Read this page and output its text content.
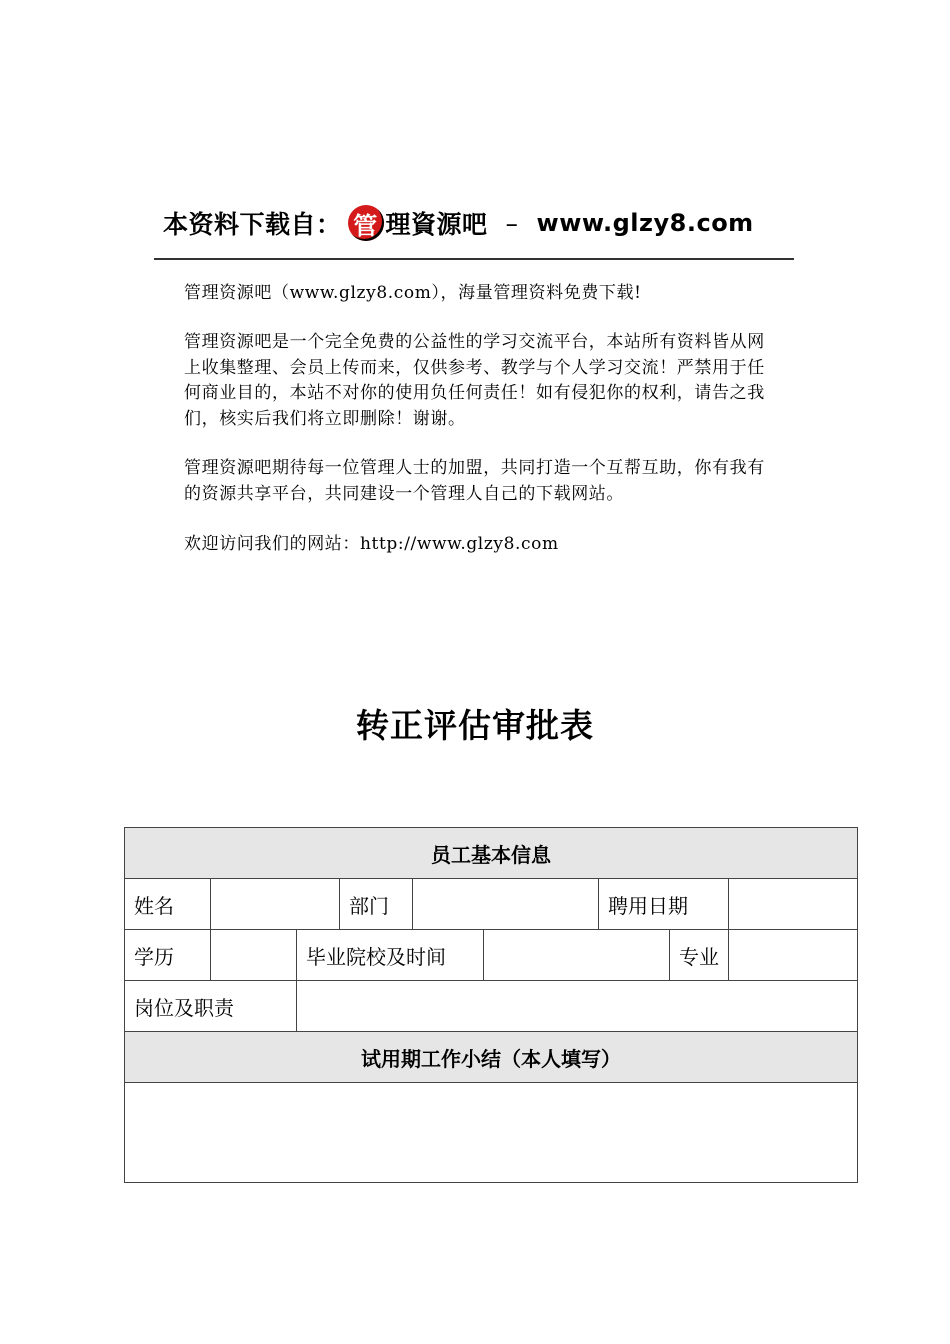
本资料下载自： 管 理資源吧 – www.glzy8.com
管理资源吧（www.glzy8.com），海量管理资料免费下载!
管理资源吧是一个完全免费的公益性的学习交流平台，本站所有资料皆从网上收集整理、会员上传而来，仅供参考、教学与个人学习交流！严禁用于任何商业目的，本站不对你的使用负任何责任！如有侵犯你的权利，请告之我们，核实后我们将立即删除！谢谢。
管理资源吧期待每一位管理人士的加盟，共同打造一个互帮互助，你有我有的资源共享平台，共同建设一个管理人自己的下载网站。
欢迎访问我们的网站：http://www.glzy8.com
转正评估审批表
员工基本信息								
姓名			部门			聘用日期		
学历		毕业院校及时间					专业	
岗位及职责								
试用期工作小结（本人填写）								
